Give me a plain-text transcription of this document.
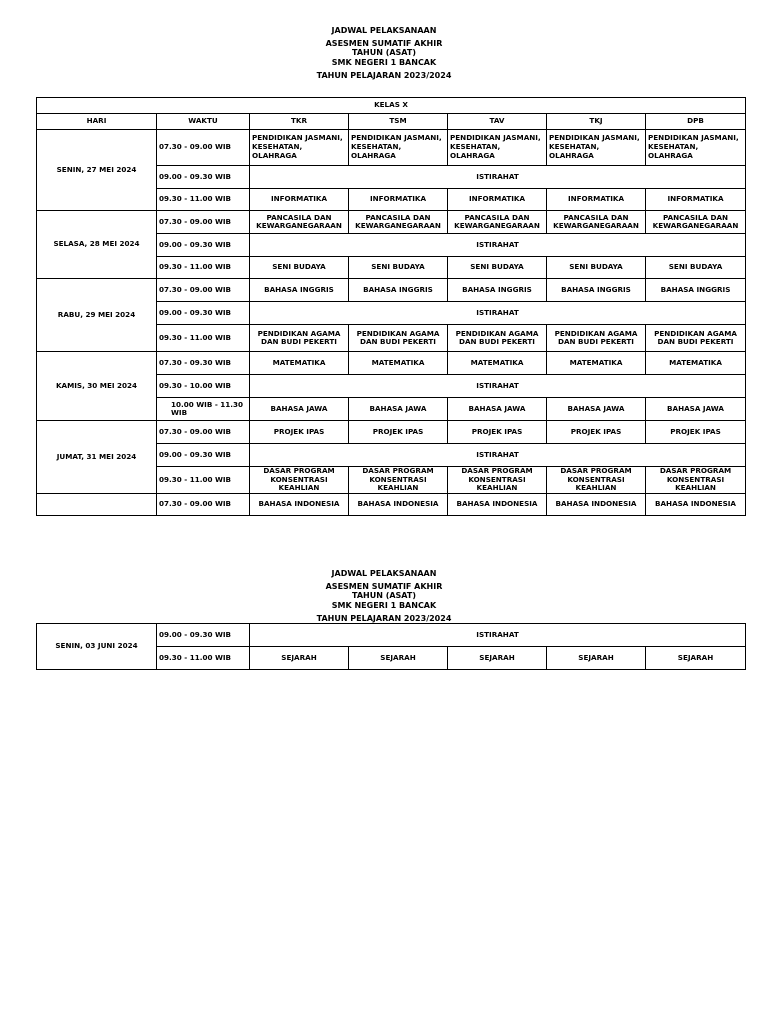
JADWAL PELAKSANAAN
ASESMEN SUMATIF AKHIR
TAHUN (ASAT)
SMK NEGERI 1 BANCAK
TAHUN PELAJARAN 2023/2024
KELAS X						
HARI	WAKTU	TKR	TSM	TAV	TKJ	DPB
SENIN, 27 MEI 2024	07.30 - 09.00 WIB	PENDIDIKAN JASMANI, KESEHATAN, OLAHRAGA	PENDIDIKAN JASMANI, KESEHATAN, OLAHRAGA	PENDIDIKAN JASMANI, KESEHATAN, OLAHRAGA	PENDIDIKAN JASMANI, KESEHATAN, OLAHRAGA	PENDIDIKAN JASMANI, KESEHATAN, OLAHRAGA
	09.00 - 09.30 WIB	ISTIRAHAT				
	09.30 - 11.00 WIB	INFORMATIKA	INFORMATIKA	INFORMATIKA	INFORMATIKA	INFORMATIKA
SELASA, 28 MEI 2024	07.30 - 09.00 WIB	PANCASILA DAN KEWARGANEGARAAN	PANCASILA DAN KEWARGANEGARAAN	PANCASILA DAN KEWARGANEGARAAN	PANCASILA DAN KEWARGANEGARAAN	PANCASILA DAN KEWARGANEGARAAN
	09.00 - 09.30 WIB	ISTIRAHAT				
	09.30 - 11.00 WIB	SENI BUDAYA	SENI BUDAYA	SENI BUDAYA	SENI BUDAYA	SENI BUDAYA
RABU, 29 MEI 2024	07.30 - 09.00 WIB	BAHASA INGGRIS	BAHASA INGGRIS	BAHASA INGGRIS	BAHASA INGGRIS	BAHASA INGGRIS
	09.00 - 09.30 WIB	ISTIRAHAT				
	09.30 - 11.00 WIB	PENDIDIKAN AGAMA DAN BUDI PEKERTI	PENDIDIKAN AGAMA DAN BUDI PEKERTI	PENDIDIKAN AGAMA DAN BUDI PEKERTI	PENDIDIKAN AGAMA DAN BUDI PEKERTI	PENDIDIKAN AGAMA DAN BUDI PEKERTI
KAMIS, 30 MEI 2024	07.30 - 09.30 WIB	MATEMATIKA	MATEMATIKA	MATEMATIKA	MATEMATIKA	MATEMATIKA
	09.30 - 10.00 WIB	ISTIRAHAT				
	10.00 WIB - 11.30 WIB	BAHASA JAWA	BAHASA JAWA	BAHASA JAWA	BAHASA JAWA	BAHASA JAWA
JUMAT, 31 MEI 2024	07.30 - 09.00 WIB	PROJEK IPAS	PROJEK IPAS	PROJEK IPAS	PROJEK IPAS	PROJEK IPAS
	09.00 - 09.30 WIB	ISTIRAHAT				
	09.30 - 11.00 WIB	DASAR PROGRAM KONSENTRASI KEAHLIAN	DASAR PROGRAM KONSENTRASI KEAHLIAN	DASAR PROGRAM KONSENTRASI KEAHLIAN	DASAR PROGRAM KONSENTRASI KEAHLIAN	DASAR PROGRAM KONSENTRASI KEAHLIAN
	07.30 - 09.00 WIB	BAHASA INDONESIA	BAHASA INDONESIA	BAHASA INDONESIA	BAHASA INDONESIA	BAHASA INDONESIA
JADWAL PELAKSANAAN
ASESMEN SUMATIF AKHIR
TAHUN (ASAT)
SMK NEGERI 1 BANCAK
TAHUN PELAJARAN 2023/2024
SENIN, 03 JUNI 2024	09.00 - 09.30 WIB	ISTIRAHAT				
	09.30 - 11.00 WIB	SEJARAH	SEJARAH	SEJARAH	SEJARAH	SEJARAH
